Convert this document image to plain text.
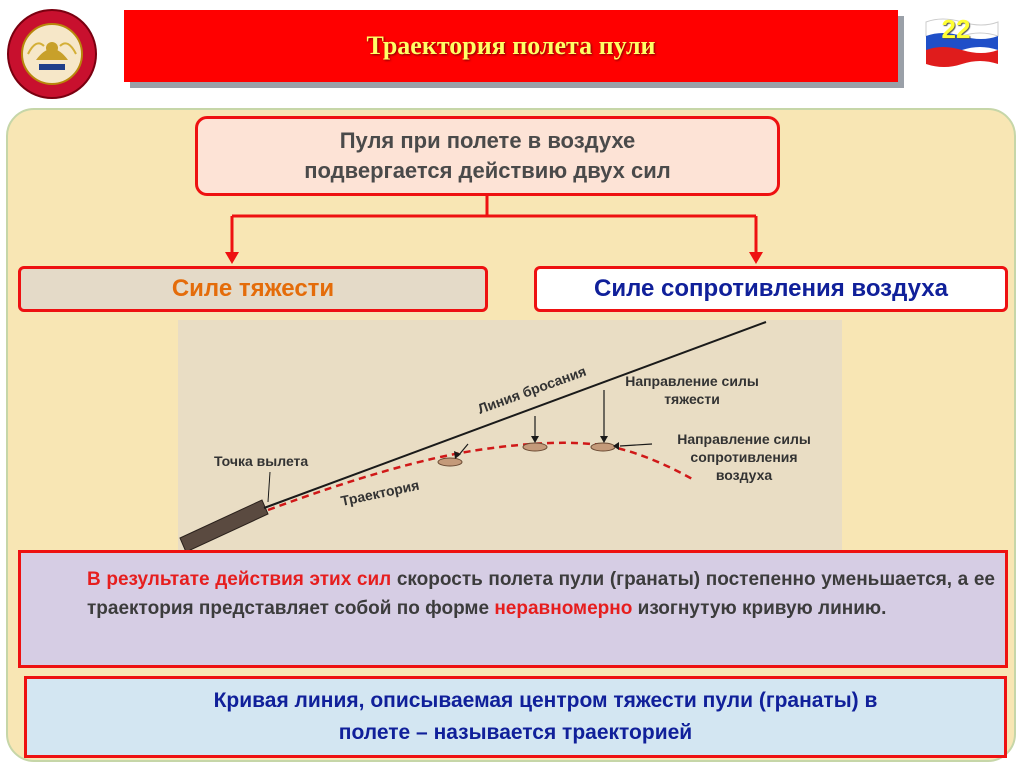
Траектория полета пули
22
Пуля при полете в воздухе
подвергается действию двух сил
Силе тяжести	Силе сопротивления воздуха
Точка вылета
Линия бросания
Траектория
Направление силы
тяжести
Направление силы
сопротивления
воздуха
В результате действия этих сил скорость полета пули (гранаты) постепенно уменьшается, а ее траектория представляет собой по форме неравномерно изогнутую кривую линию.
Кривая линия, описываемая центром тяжести пули (гранаты) в
полете – называется траекторией
